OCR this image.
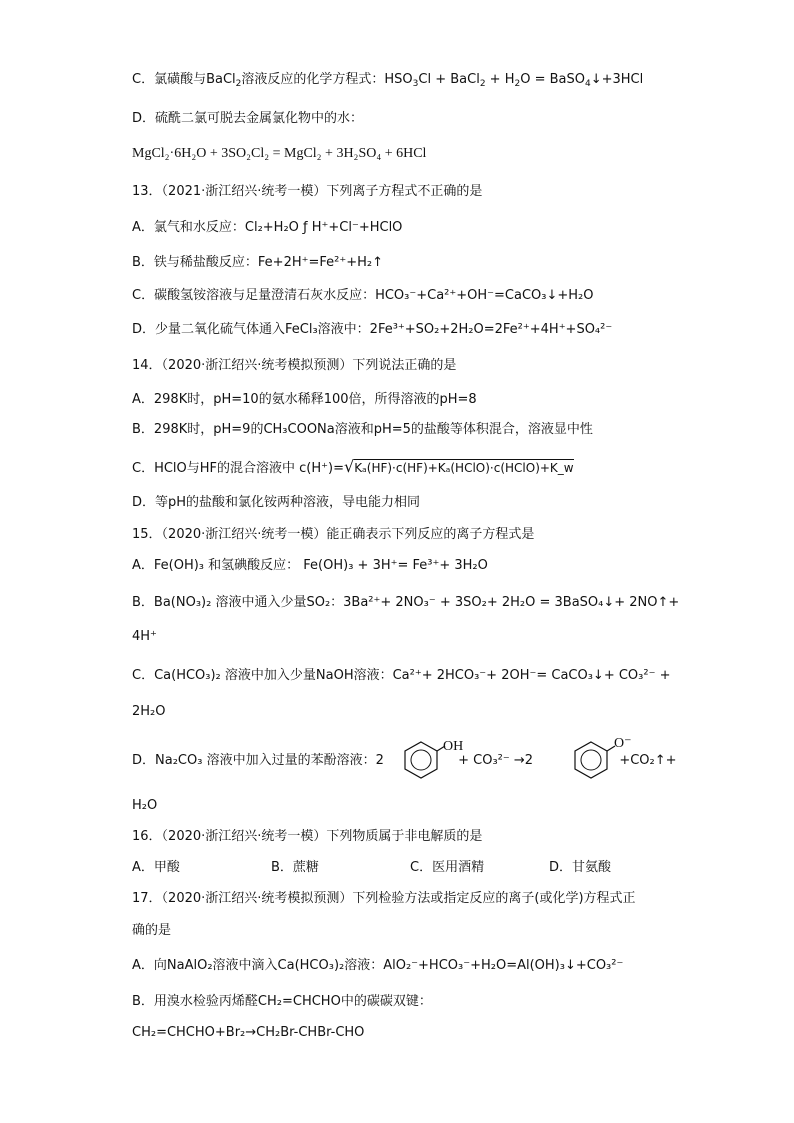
C．氯磺酸与BaCl$_2$溶液反应的化学方程式：$HSO_3Cl$ + BaCl$_2$ + $H_2O$ = BaSO$_4$↓+3HCl
D．硫酰二氯可脱去金属氯化物中的水：
MgCl₂·6H₂O + 3SO₂Cl₂ = MgCl₂ + 3H₂SO₄ + 6HCl
13．（2021·浙江绍兴·统考一模）下列离子方程式不正确的是
A．氯气和水反应：Cl₂+H₂O ƒ H⁺+Cl⁻+HClO
B．铁与稀盐酸反应：Fe+2H⁺=Fe²⁺+H₂↑
C．碳酸氢铵溶液与足量澄清石灰水反应：HCO₃⁻+Ca²⁺+OH⁻=CaCO₃↓+H₂O
D．少量二氧化硫气体通入FeCl₃溶液中：2Fe³⁺+SO₂+2H₂O=2Fe²⁺+4H⁺+SO₄²⁻
14．（2020·浙江绍兴·统考模拟预测）下列说法正确的是
A．298K时，pH=10的氨水稀释100倍，所得溶液的pH=8
B．298K时，pH=9的CH₃COONa溶液和pH=5的盐酸等体积混合，溶液显中性
C．HClO与HF的混合溶液中 c(H⁺)=√Kₐ(HF)·c(HF)+Kₐ(HClO)·c(HClO)+K_w
D．等pH的盐酸和氯化铵两种溶液，导电能力相同
15．（2020·浙江绍兴·统考一模）能正确表示下列反应的离子方程式是
A．Fe(OH)₃ 和氢碘酸反应： Fe(OH)₃ + 3H⁺= Fe³⁺+ 3H₂O
B．Ba(NO₃)₂ 溶液中通入少量SO₂：3Ba²⁺+ 2NO₃⁻ + 3SO₂+ 2H₂O = 3BaSO₄↓+ 2NO↑+
4H⁺
C．Ca(HCO₃)₂ 溶液中加入少量NaOH溶液：Ca²⁺+ 2HCO₃⁻+ 2OH⁻= CaCO₃↓+ CO₃²⁻ +
2H₂O
D．Na₂CO₃ 溶液中加入过量的苯酚溶液：2	+ CO₃²⁻ →2	+CO₂↑+
OH	O⁻
H₂O
16．（2020·浙江绍兴·统考一模）下列物质属于非电解质的是
A．甲酸	B．蔗糖	C．医用酒精	D．甘氨酸
17．（2020·浙江绍兴·统考模拟预测）下列检验方法或指定反应的离子(或化学)方程式正
确的是
A．向NaAlO₂溶液中滴入Ca(HCO₃)₂溶液：AlO₂⁻+HCO₃⁻+H₂O=Al(OH)₃↓+CO₃²⁻
B．用溴水检验丙烯醛CH₂=CHCHO中的碳碳双键：
CH₂=CHCHO+Br₂→CH₂Br-CHBr-CHO
